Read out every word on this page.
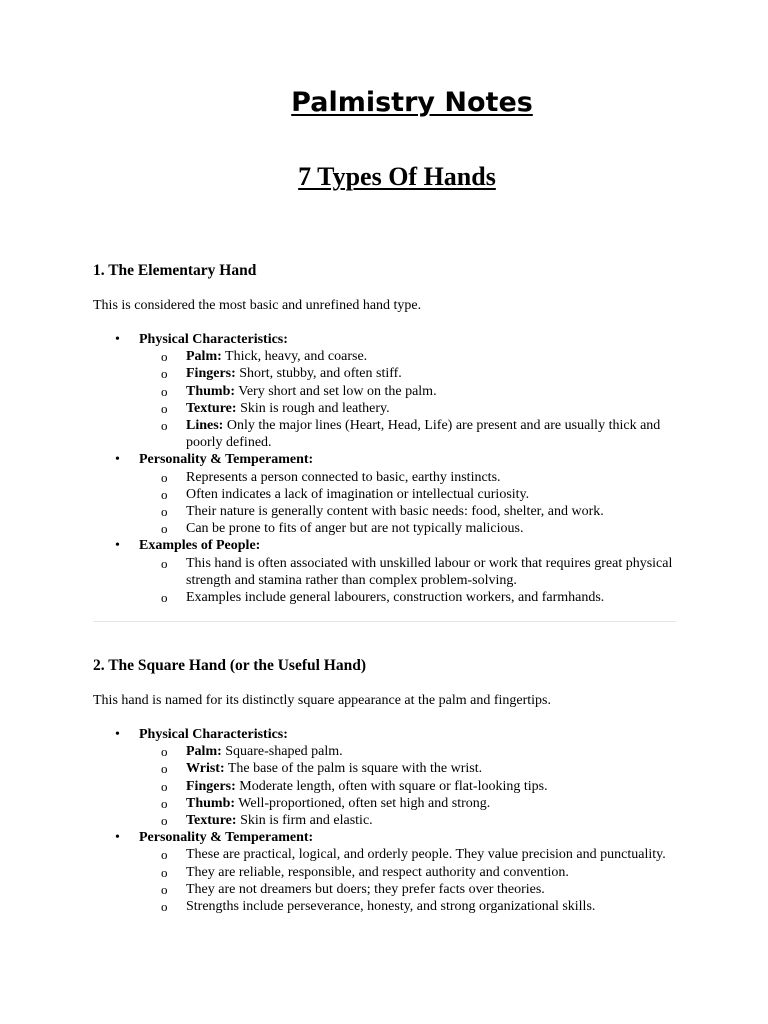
Palmistry Notes
7 Types Of Hands
1. The Elementary Hand

This is considered the most basic and unrefined hand type.

• Physical Characteristics:
o Palm: Thick, heavy, and coarse.
o Fingers: Short, stubby, and often stiff.
o Thumb: Very short and set low on the palm.
o Texture: Skin is rough and leathery.
o Lines: Only the major lines (Heart, Head, Life) are present and are usually thick and poorly defined.
• Personality & Temperament:
o Represents a person connected to basic, earthy instincts.
o Often indicates a lack of imagination or intellectual curiosity.
o Their nature is generally content with basic needs: food, shelter, and work.
o Can be prone to fits of anger but are not typically malicious.
• Examples of People:
o This hand is often associated with unskilled labour or work that requires great physical strength and stamina rather than complex problem-solving.
o Examples include general labourers, construction workers, and farmhands.
2. The Square Hand (or the Useful Hand)

This hand is named for its distinctly square appearance at the palm and fingertips.

• Physical Characteristics:
o Palm: Square-shaped palm.
o Wrist: The base of the palm is square with the wrist.
o Fingers: Moderate length, often with square or flat-looking tips.
o Thumb: Well-proportioned, often set high and strong.
o Texture: Skin is firm and elastic.
• Personality & Temperament:
o These are practical, logical, and orderly people. They value precision and punctuality.
o They are reliable, responsible, and respect authority and convention.
o They are not dreamers but doers; they prefer facts over theories.
o Strengths include perseverance, honesty, and strong organizational skills.
